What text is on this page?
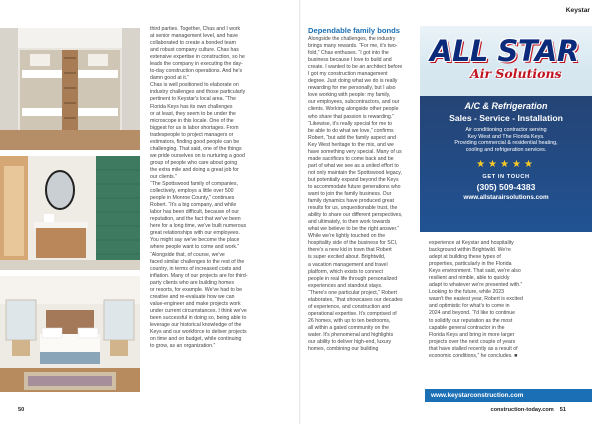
Keystar

third parties. Together, Chas and I work
at senior management level, and have
collaborated to create a bonded team
and robust company culture. Chas has
extensive expertise in construction, so he
leads the company in executing the day-
to-day construction operations. And he's
damn good at it.”
Chas is well positioned to elaborate on
industry challenges and those particularly
pertinent to Keystar's local area. “The
Florida Keys has its own challenges
or at least, they seem to be under the
microscope in this locale. One of the
biggest for us is labor shortages. From
tradespeople to project managers or
estimators, finding good people can be
challenging. That said, one of the things
we pride ourselves on is nurturing a good
group of people who care about going
the extra mile and doing a great job for
our clients.”
“The Spottswood family of companies,
collectively, employs a little over 500
people in Monroe County,” continues
Robert. “It's a big company, and while
labor has been difficult, because of our
reputation, and the fact that we've been
here for a long time, we've built numerous
great relationships with our employees.
You might say we've become the place
where people want to come and work.”
“Alongside that, of course, we've
faced similar challenges to the rest of the
country, in terms of increased costs and
inflation. Many of our projects are for third-
party clients who are building homes
or resorts, for example. We've had to be
creative and re-evaluate how we can
value-engineer and make projects work
under current circumstances. I think we've
been successful in doing so, being able to
leverage our historical knowledge of the
Keys and our workforce to deliver projects
on time and on budget, while continuing
to grow, as an organization.”

50
Dependable family bonds

Alongside the challenges, the industry
brings many rewards. “For me, it's two-
fold,” Chas enthuses. “I got into the
business because I love to build and
create. I wanted to be an architect before
I got my construction management
degree. Just doing what we do is really
rewarding for me personally, but I also
love working with people: my family,
our employees, subcontractors, and our
clients. Working alongside other people
who share that passion is rewarding.”
“Likewise, it's really special for me to
be able to do what we love,” confirms
Robert, “but add the family aspect and
Key West heritage to the mix, and we
have something very special. Many of us
made sacrifices to come back and be
part of what we see as a united effort to
not only maintain the Spottswood legacy,
but potentially expand beyond the Keys
to accommodate future generations who
want to join the family business. Our
family dynamics have produced great
results for us, unquestionable trust, the
ability to share our different perspectives,
and ultimately, to then work towards
what we believe to be the right answer.”
While we're lightly touched on the
hospitality side of the business for SCI,
there's a new kid in town that Robert
is super excited about. Brightwild,
a vacation management and travel
platform, which exists to connect
people in real life through personalized
experiences and standout stays.
“There's one particular project,” Robert
elaborates, “that showcases our decades
of experience, and construction and
operational expertise. It's comprised of
26 homes, with up to ten bedrooms,
all within a gated community on the
water. It's phenomenal and highlights
our ability to deliver high-end, luxury
homes, combining our building

ALL STAR
Air Solutions
A/C & Refrigeration
Sales - Service - Installation
Air conditioning contractor serving
Key West and The Florida Keys.
Providing commercial & residential heating,
cooling and refrigeration services.
★★★★★
GET IN TOUCH
(305) 509-4383
www.allstarairsolutions.com

experience at Keystar and hospitality
background within Brightwild. We're
adept at building these types of
properties, particularly in the Florida
Keys environment. That said, we're also
resilient and nimble, able to quickly
adapt to whatever we're presented with.”
Looking to the future, while 2023
wasn't the easiest year, Robert is excited
and optimistic for what's to come in
2024 and beyond. “I'd like to continue
to solidify our reputation as the most
capable general contractor in the
Florida Keys and bring in more larger
projects over the next couple of years
that have stalled recently as a result of
economic conditions,” he concludes. ■

www.keystarconstruction.com
construction-today.com 51
